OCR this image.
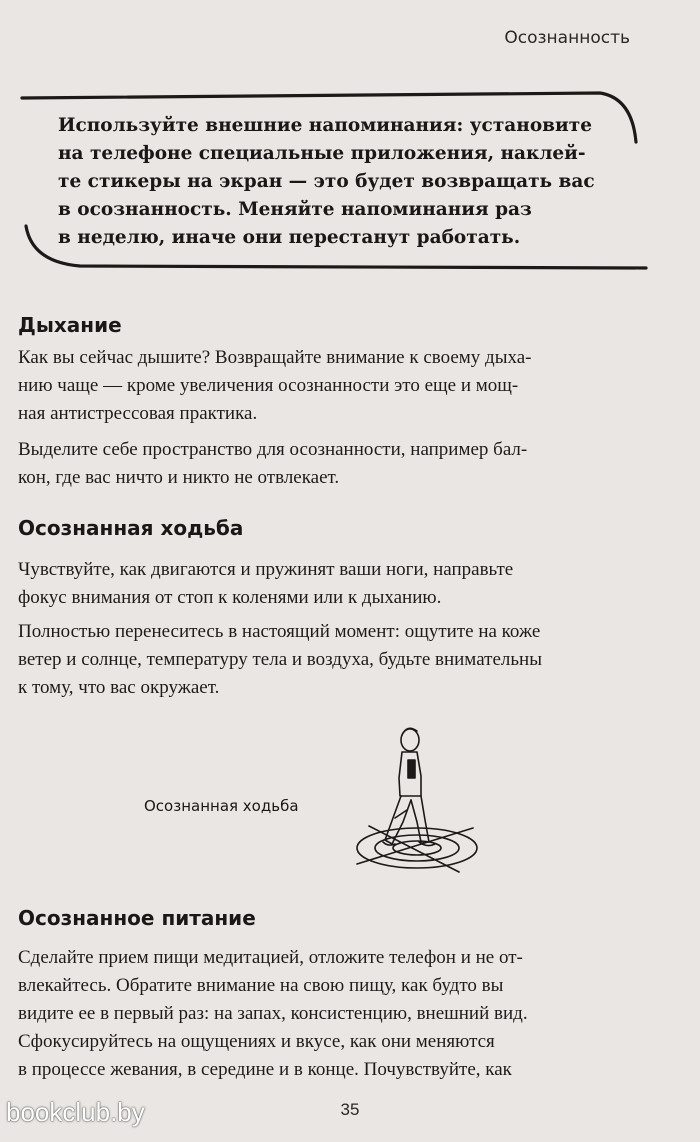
Осознанность
Используйте внешние напоминания: установите
на телефоне специальные приложения, наклей-
те стикеры на экран — это будет возвращать вас
в осознанность. Меняйте напоминания раз
в неделю, иначе они перестанут работать.
Дыхание
Как вы сейчас дышите? Возвращайте внимание к своему дыха-
нию чаще — кроме увеличения осознанности это еще и мощ-
ная антистрессовая практика.
Выделите себе пространство для осознанности, например бал-
кон, где вас ничто и никто не отвлекает.
Осознанная ходьба
Чувствуйте, как двигаются и пружинят ваши ноги, направьте
фокус внимания от стоп к коленями или к дыханию.
Полностью перенеситесь в настоящий момент: ощутите на коже
ветер и солнце, температуру тела и воздуха, будьте внимательны
к тому, что вас окружает.
Осознанная ходьба
Осознанное питание
Сделайте прием пищи медитацией, отложите телефон и не от-
влекайтесь. Обратите внимание на свою пищу, как будто вы
видите ее в первый раз: на запах, консистенцию, внешний вид.
Сфокусируйтесь на ощущениях и вкусе, как они меняются
в процессе жевания, в середине и в конце. Почувствуйте, как
35
bookclub.by
